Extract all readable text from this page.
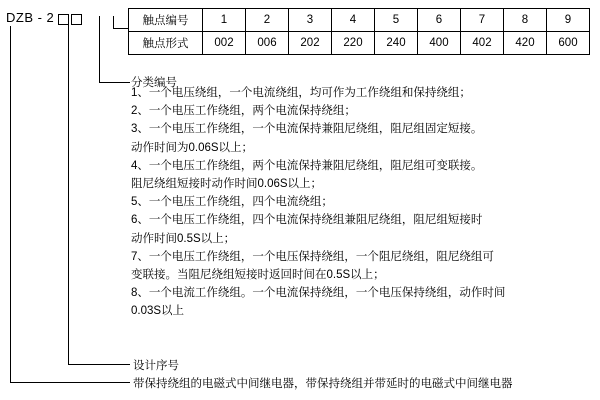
DZB - 2	触点编号	1	2	3	4	5	6	7	8	9
触点形式	002	006	202	220	240	400	402	420	600
分类编号
1、一个电压绕组，一个电流绕组，均可作为工作绕组和保持绕组；
2、一个电压工作绕组，两个电流保持绕组；
3、一个电压工作绕组，一个电流保持兼阻尼绕组，阻尼组固定短接。
动作时间为0.06S以上；
4、一个电压工作绕组，两个电流保持兼阻尼绕组，阻尼组可变联接。
阻尼绕组短接时动作时间0.06S以上；
5、一个电压工作绕组，四个电流绕组；
6、一个电压工作绕组，四个电流保持绕组兼阻尼绕组，阻尼组短接时
动作时间0.5S以上；
7、一个电压工作绕组，一个电压保持绕组，一个阻尼绕组，阻尼绕组可
变联接。当阻尼绕组短接时返回时间在0.5S以上；
8、一个电流工作绕组。一个电流保持绕组，一个电压保持绕组，动作时间
0.03S以上
设计序号
带保持绕组的电磁式中间继电器，带保持绕组并带延时的电磁式中间继电器
